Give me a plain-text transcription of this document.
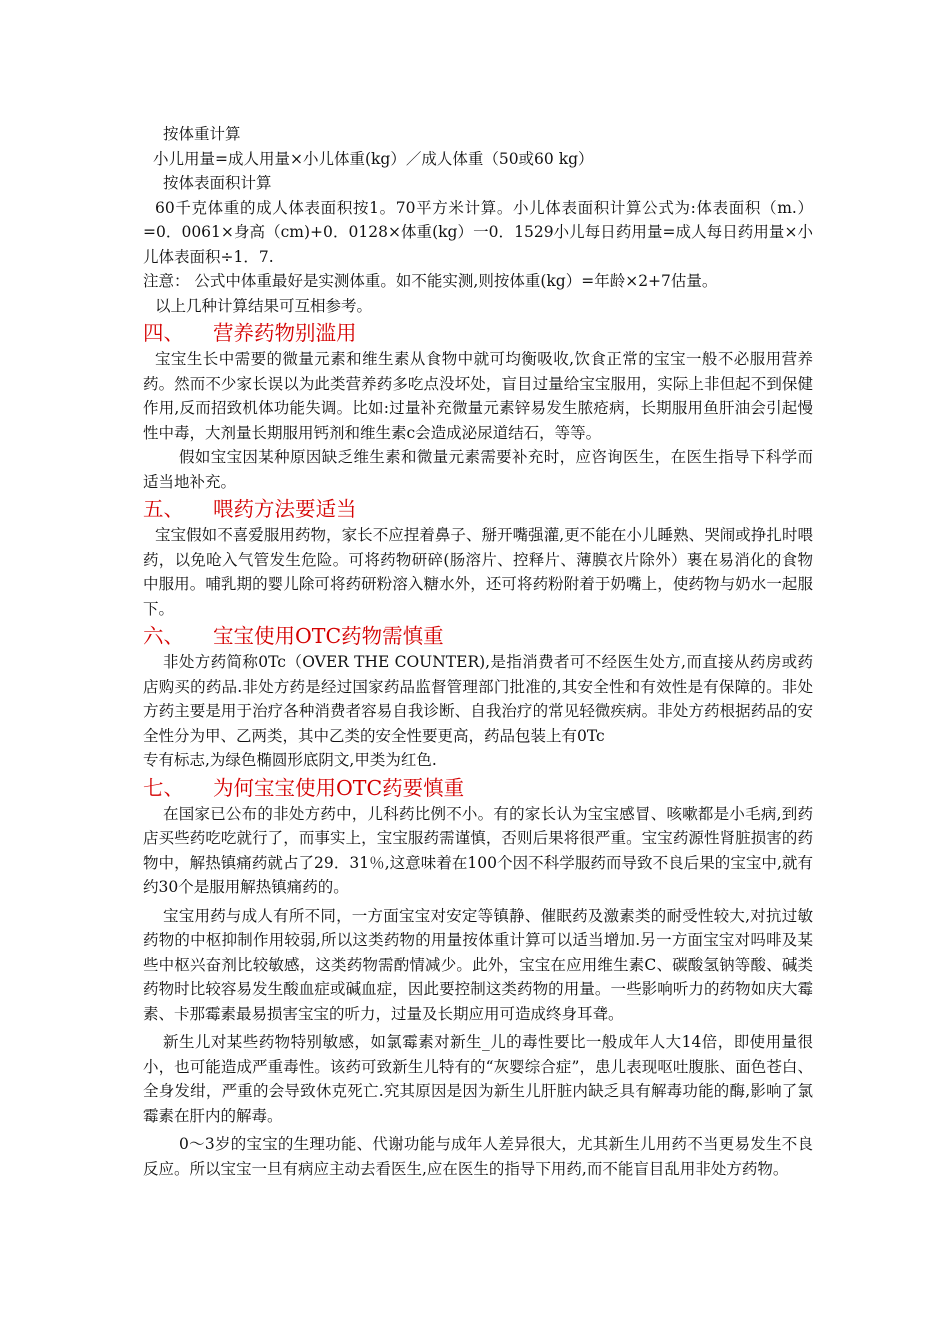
按体重计算
小儿用量=成人用量×小儿体重(kg）／成人体重（50或60 kg）
按体表面积计算

60千克体重的成人体表面积按1。70平方米计算。小儿体表面积计算公式为:体表面积（m.）=0．0061×身高（cm)+0．0128×体重(kg）一0．1529小儿每日药用量=成人每日药用量×小儿体表面积÷1．7.

注意： 公式中体重最好是实测体重。如不能实测,则按体重(kg）=年龄×2+7估量。
以上几种计算结果可互相参考。
四、 营养药物别滥用

宝宝生长中需要的微量元素和维生素从食物中就可均衡吸收,饮食正常的宝宝一般不必服用营养药。然而不少家长误以为此类营养药多吃点没坏处，盲目过量给宝宝服用，实际上非但起不到保健作用,反而招致机体功能失调。比如:过量补充微量元素锌易发生脓疮病，长期服用鱼肝油会引起慢性中毒，大剂量长期服用钙剂和维生素c会造成泌尿道结石，等等。

假如宝宝因某种原因缺乏维生素和微量元素需要补充时，应咨询医生，在医生指导下科学而适当地补充。

五、 喂药方法要适当

宝宝假如不喜爱服用药物，家长不应捏着鼻子、掰开嘴强灌,更不能在小儿睡熟、哭闹或挣扎时喂药，以免呛入气管发生危险。可将药物研碎(肠溶片、控释片、薄膜衣片除外）裹在易消化的食物中服用。哺乳期的婴儿除可将药研粉溶入糖水外，还可将药粉附着于奶嘴上，使药物与奶水一起服下。

六、 宝宝使用OTC药物需慎重

非处方药简称0Tc（OVER THE COUNTER),是指消费者可不经医生处方,而直接从药房或药店购买的药品.非处方药是经过国家药品监督管理部门批准的,其安全性和有效性是有保障的。非处方药主要是用于治疗各种消费者容易自我诊断、自我治疗的常见轻微疾病。非处方药根据药品的安全性分为甲、乙两类，其中乙类的安全性要更高，药品包装上有0Tc

专有标志,为绿色椭圆形底阴文,甲类为红色.
七、 为何宝宝使用OTC药要慎重

在国家已公布的非处方药中，儿科药比例不小。有的家长认为宝宝感冒、咳嗽都是小毛病,到药店买些药吃吃就行了，而事实上，宝宝服药需谨慎，否则后果将很严重。宝宝药源性肾脏损害的药物中，解热镇痛药就占了29．31％,这意味着在100个因不科学服药而导致不良后果的宝宝中,就有约30个是服用解热镇痛药的。

宝宝用药与成人有所不同，一方面宝宝对安定等镇静、催眠药及激素类的耐受性较大,对抗过敏药物的中枢抑制作用较弱,所以这类药物的用量按体重计算可以适当增加.另一方面宝宝对吗啡及某些中枢兴奋剂比较敏感，这类药物需酌情减少。此外，宝宝在应用维生素C、碳酸氢钠等酸、碱类药物时比较容易发生酸血症或碱血症，因此要控制这类药物的用量。一些影响听力的药物如庆大霉素、卡那霉素最易损害宝宝的听力，过量及长期应用可造成终身耳聋。

新生儿对某些药物特别敏感，如氯霉素对新生_儿的毒性要比一般成年人大14倍，即使用量很小，也可能造成严重毒性。该药可致新生儿特有的“灰婴综合症”，患儿表现呕吐腹胀、面色苍白、全身发绀，严重的会导致休克死亡.究其原因是因为新生儿肝脏内缺乏具有解毒功能的酶,影响了氯霉素在肝内的解毒。

0～3岁的宝宝的生理功能、代谢功能与成年人差异很大，尤其新生儿用药不当更易发生不良反应。所以宝宝一旦有病应主动去看医生,应在医生的指导下用药,而不能盲目乱用非处方药物。
